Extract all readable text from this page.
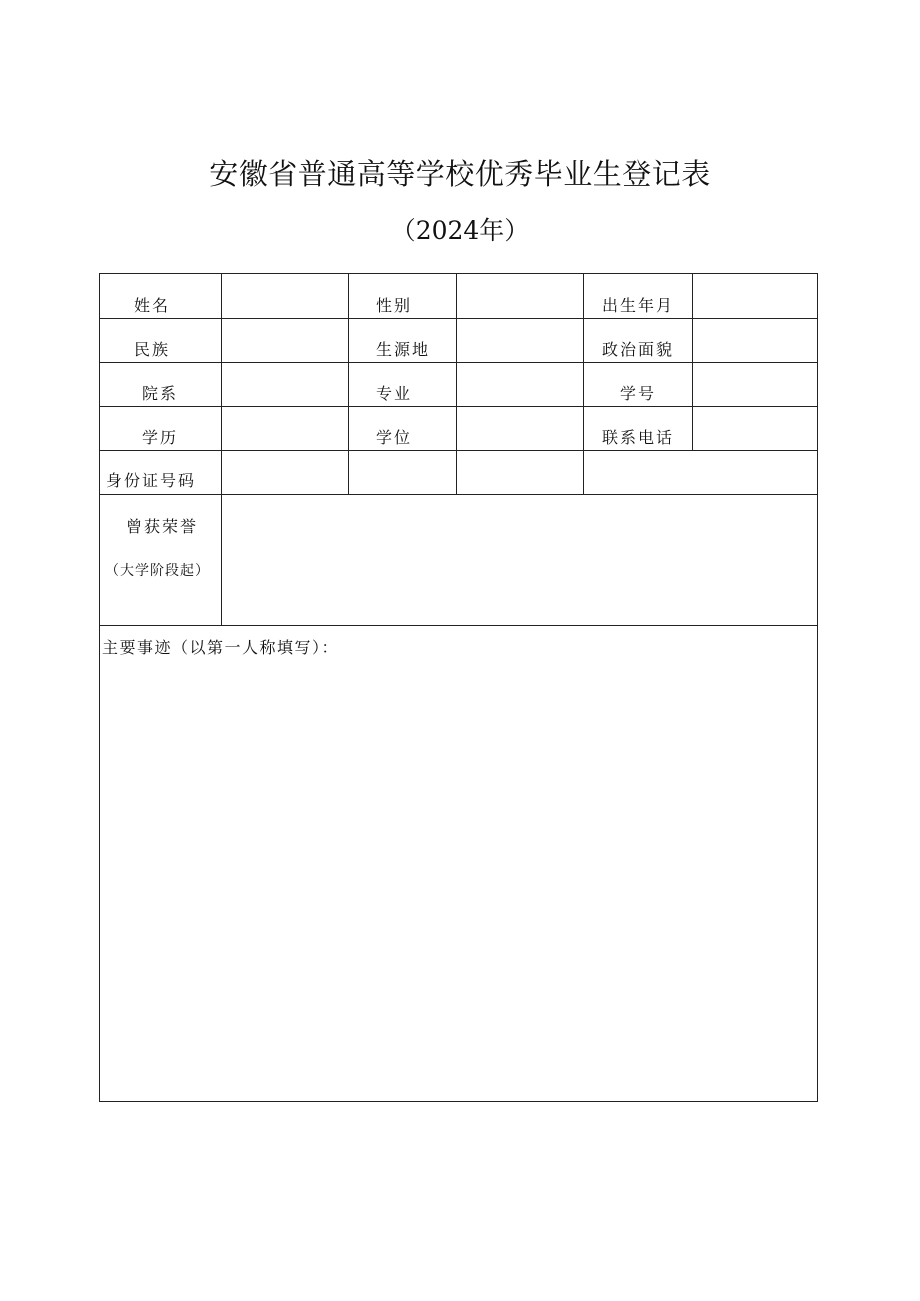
安徽省普通高等学校优秀毕业生登记表
（2024年）
姓名	性别	出生年月
民族	生源地	政治面貌
院系	专业	学号
学历	学位	联系电话
身份证号码
曾获荣誉
（大学阶段起）
主要事迹（以第一人称填写）：
